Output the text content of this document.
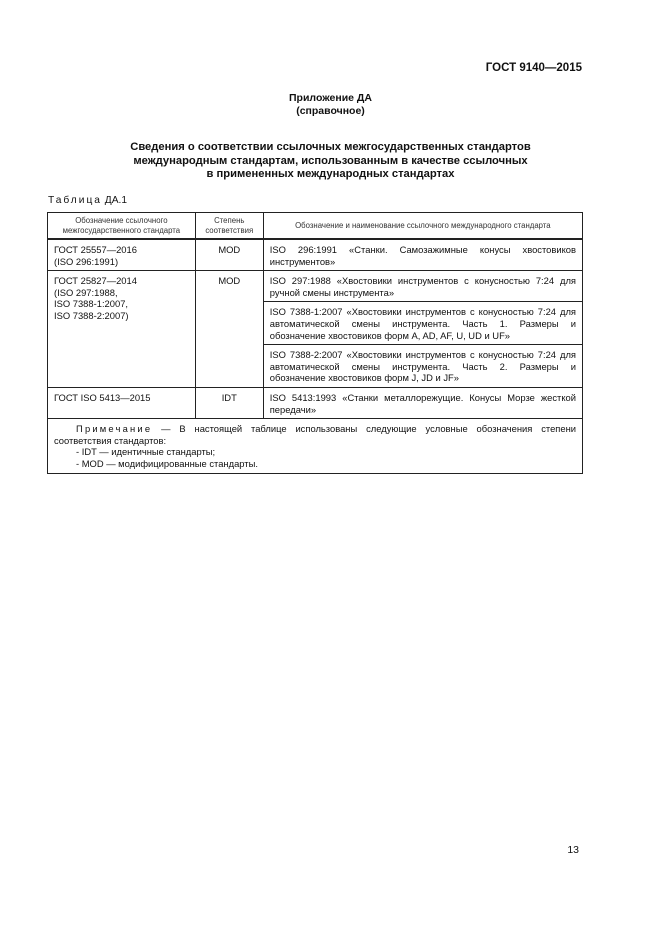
ГОСТ 9140—2015
Приложение ДА
(справочное)
Сведения о соответствии ссылочных межгосударственных стандартов
международным стандартам, использованным в качестве ссылочных
в примененных международных стандартах
Таблица ДА.1
Обозначение ссылочного межгосударственного стандарта	Степень соответствия	Обозначение и наименование ссылочного международного стандарта
ГОСТ 25557—2016
(ISO 296:1991)	MOD	ISO 296:1991 «Станки. Самозажимные конусы хвостовиков инструментов»
ГОСТ 25827—2014
(ISO 297:1988,
ISO 7388-1:2007,
ISO 7388-2:2007)	MOD	ISO 297:1988 «Хвостовики инструментов с конусностью 7:24 для ручной смены инструмента»
		ISO 7388-1:2007 «Хвостовики инструментов с конусностью 7:24 для автоматической смены инструмента. Часть 1. Размеры и обозначение хвостовиков форм A, AD, AF, U, UD и UF»
		ISO 7388-2:2007 «Хвостовики инструментов с конусностью 7:24 для автоматической смены инструмента. Часть 2. Размеры и обозначение хвостовиков форм J, JD и JF»
ГОСТ ISO 5413—2015	IDT	ISO 5413:1993 «Станки металлорежущие. Конусы Морзе жесткой передачи»

Примечание — В настоящей таблице использованы следующие условные обозначения степени соответствия стандартов:
- IDT — идентичные стандарты;
- MOD — модифицированные стандарты.		
13
